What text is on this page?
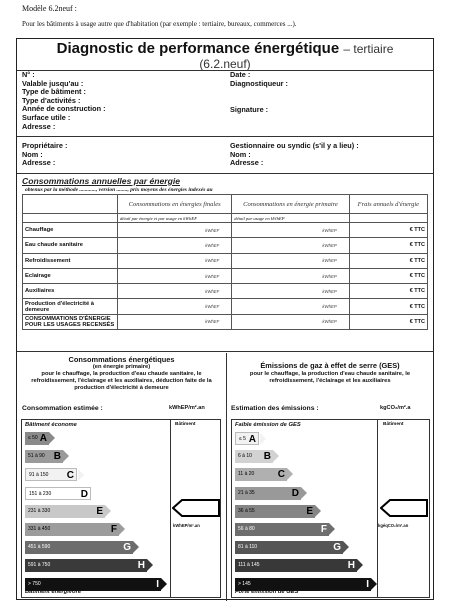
Modèle 6.2neuf :
Pour les bâtiments à usage autre que d'habitation (par exemple : tertiaire, bureaux, commerces ...).
Diagnostic de performance énergétique – tertiaire
(6.2.neuf)
N° :
Valable jusqu'au :
Type de bâtiment :
Type d'activités :
Année de construction :
Surface utile :
Adresse :
Date :
Diagnostiqueur :
Signature :
Propriétaire :
Nom :
Adresse :
Gestionnaire ou syndic (s'il y a lieu) :
Nom :
Adresse :
Consommations annuelles par énergie
obtenus par la méthode ............, version ........, prix moyens des énergies indexés au
	Consommations en énergies finales	Consommations en énergie primaire	Frais annuels d'énergie
	détail par énergie et par usage en kWhEF	détail par usage en kWhEP	
Chauffage	kWhEF	kWhEP	€ TTC
Eau chaude sanitaire	kWhEF	kWhEP	€ TTC
Refroidissement	kWhEF	kWhEP	€ TTC
Eclairage	kWhEF	kWhEP	€ TTC
Auxiliaires	kWhEF	kWhEP	€ TTC
Production d'électricité à demeure	kWhEF	kWhEP	€ TTC
CONSOMMATIONS D'ÉNERGIE POUR LES USAGES RECENSÉS	kWhEF	kWhEP	€ TTC
Consommations énergétiques
(en énergie primaire)
pour le chauffage, la production d'eau chaude sanitaire, le refroidissement, l'éclairage et les auxiliaires, déduction faite de la production d'électricité à demeure
Consommation estimée :	kWhEP/m².an
Bâtiment économe	Bâtiment
≤ 50 A
51 à 90 B
91 à 150 C
151 à 230	D
231 à 330	E
331 à 450	F
451 à 590	G
591 à 750	H
> 750	I
Bâtiment énergivore
kWhEP/m².an
Émissions de gaz à effet de serre (GES)
pour le chauffage, la production d'eau chaude sanitaire, le refroidissement, l'éclairage et les auxiliaires
Estimation des émissions :	kgCO₂/m².a
Faible émission de GES	Bâtiment
≤ 5 A
6 à 10 B
11 à 20 C
21 à 35	D
36 à 55	E
56 à 80	F
81 à 110	G
111 à 145	H
> 145	I
Forte émission de GES
kgéqCO₂/m².an
